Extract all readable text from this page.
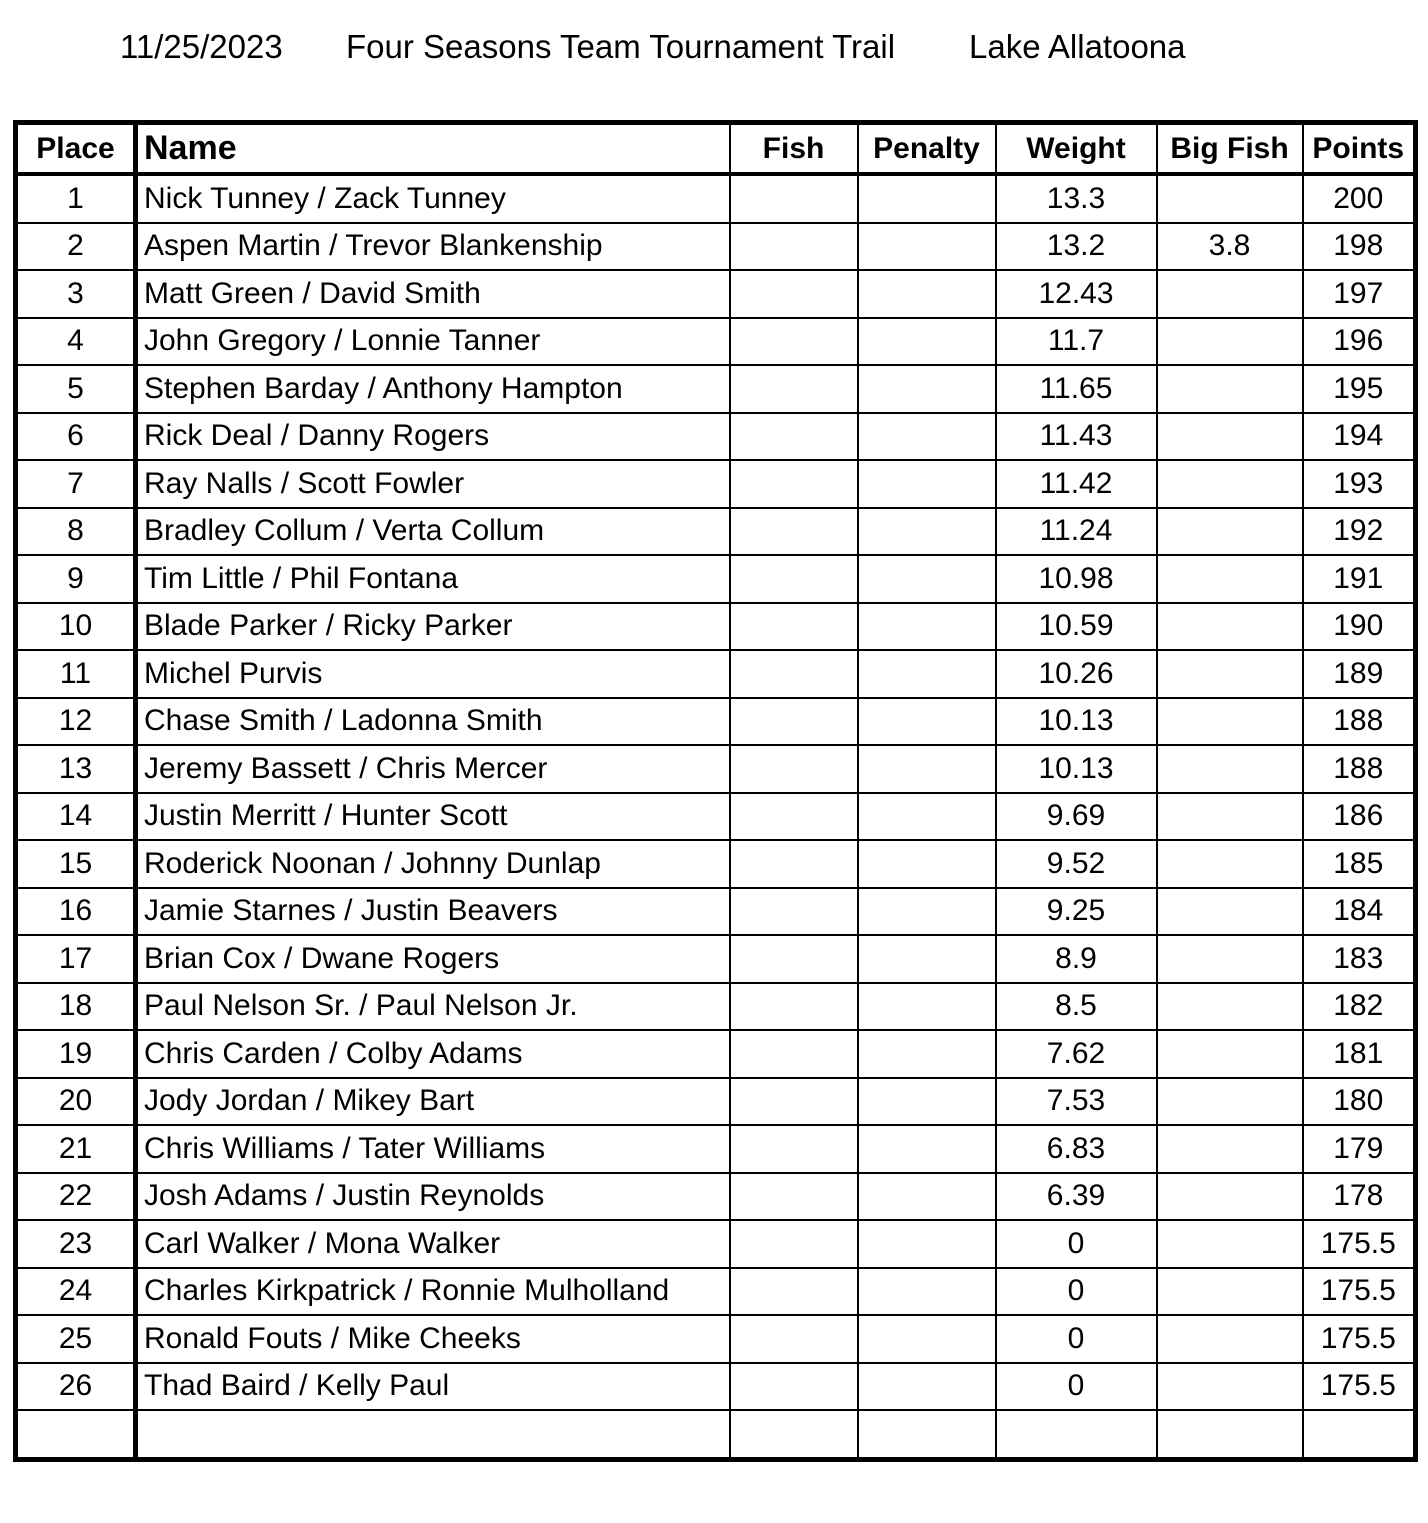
11/25/2023 Four Seasons Team Tournament Trail Lake Allatoona
Place	Name	Fish	Penalty	Weight	Big Fish	Points
1	Nick Tunney / Zack Tunney			13.3		200
2	Aspen Martin / Trevor Blankenship			13.2	3.8	198
3	Matt Green / David Smith			12.43		197
4	John Gregory / Lonnie Tanner			11.7		196
5	Stephen Barday / Anthony Hampton			11.65		195
6	Rick Deal / Danny Rogers			11.43		194
7	Ray Nalls / Scott Fowler			11.42		193
8	Bradley Collum / Verta Collum			11.24		192
9	Tim Little / Phil Fontana			10.98		191
10	Blade Parker / Ricky Parker			10.59		190
11	Michel Purvis			10.26		189
12	Chase Smith / Ladonna Smith			10.13		188
13	Jeremy Bassett / Chris Mercer			10.13		188
14	Justin Merritt / Hunter Scott			9.69		186
15	Roderick Noonan / Johnny Dunlap			9.52		185
16	Jamie Starnes / Justin Beavers			9.25		184
17	Brian Cox / Dwane Rogers			8.9		183
18	Paul Nelson Sr. / Paul Nelson Jr.			8.5		182
19	Chris Carden / Colby Adams			7.62		181
20	Jody Jordan / Mikey Bart			7.53		180
21	Chris Williams / Tater Williams			6.83		179
22	Josh Adams / Justin Reynolds			6.39		178
23	Carl Walker / Mona Walker			0		175.5
24	Charles Kirkpatrick / Ronnie Mulholland			0		175.5
25	Ronald Fouts / Mike Cheeks			0		175.5
26	Thad Baird / Kelly Paul			0		175.5
